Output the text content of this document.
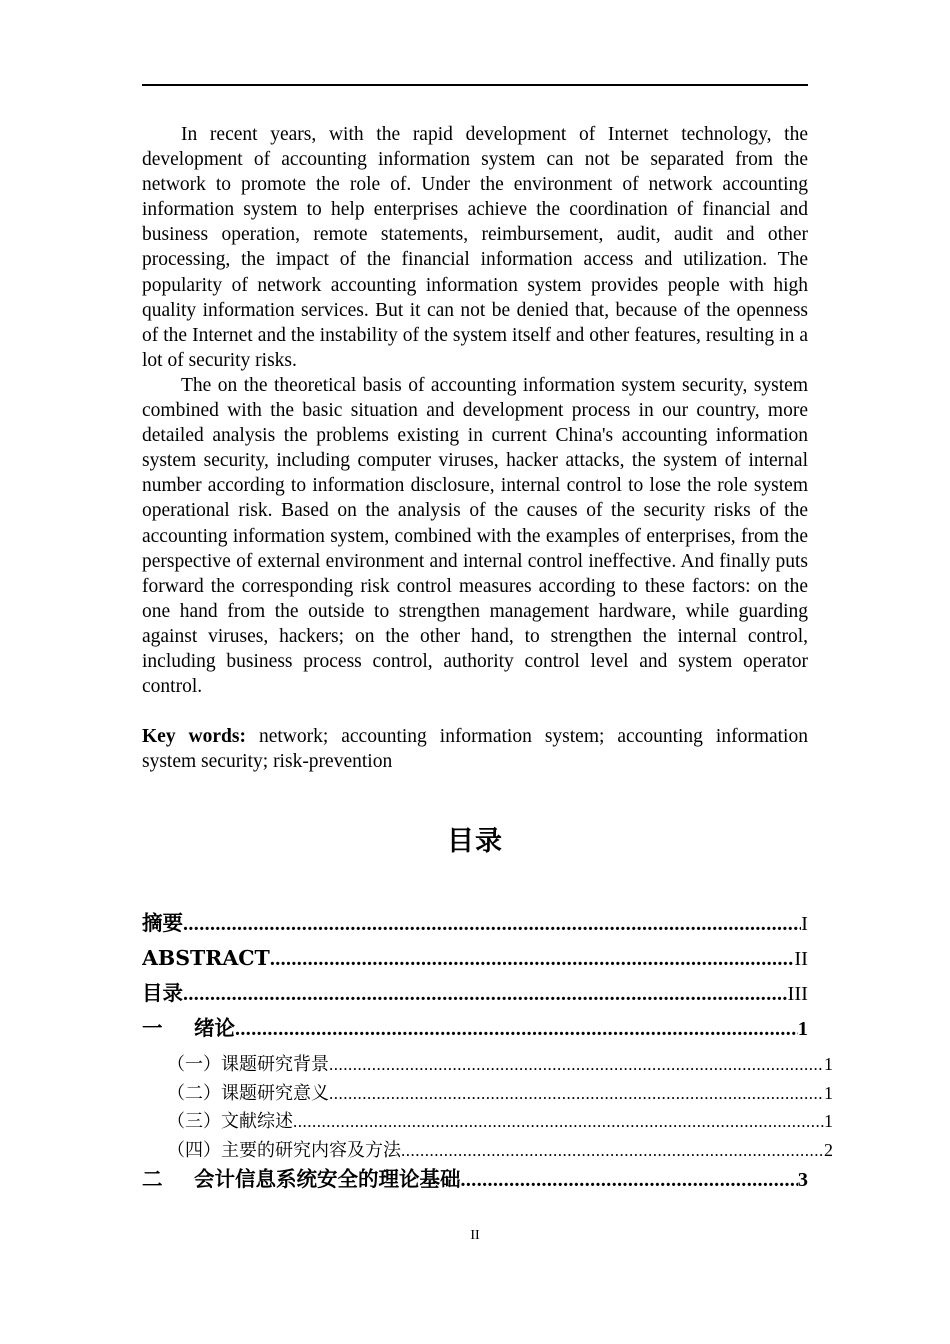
In recent years, with the rapid development of Internet technology, the development of accounting information system can not be separated from the network to promote the role of. Under the environment of network accounting information system to help enterprises achieve the coordination of financial and business operation, remote statements, reimbursement, audit, audit and other processing, the impact of the financial information access and utilization. The popularity of network accounting information system provides people with high quality information services. But it can not be denied that, because of the openness of the Internet and the instability of the system itself and other features, resulting in a lot of security risks.

The on the theoretical basis of accounting information system security, system combined with the basic situation and development process in our country, more detailed analysis the problems existing in current China's accounting information system security, including computer viruses, hacker attacks, the system of internal number according to information disclosure, internal control to lose the role system operational risk. Based on the analysis of the causes of the security risks of the accounting information system, combined with the examples of enterprises, from the perspective of external environment and internal control ineffective. And finally puts forward the corresponding risk control measures according to these factors: on the one hand from the outside to strengthen management hardware, while guarding against viruses, hackers; on the other hand, to strengthen the internal control, including business process control, authority control level and system operator control.

Key words: network; accounting information system; accounting information system security; risk-prevention

目录
摘要 .....	I
ABSTRACT .....	II
目录 .....	III
一 绪论 .....	1
（一）课题研究背景 .....	1
（二）课题研究意义 .....	1
（三）文献综述 .....	1
（四）主要的研究内容及方法 .....	2
二 会计信息系统安全的理论基础 .....	3
II
